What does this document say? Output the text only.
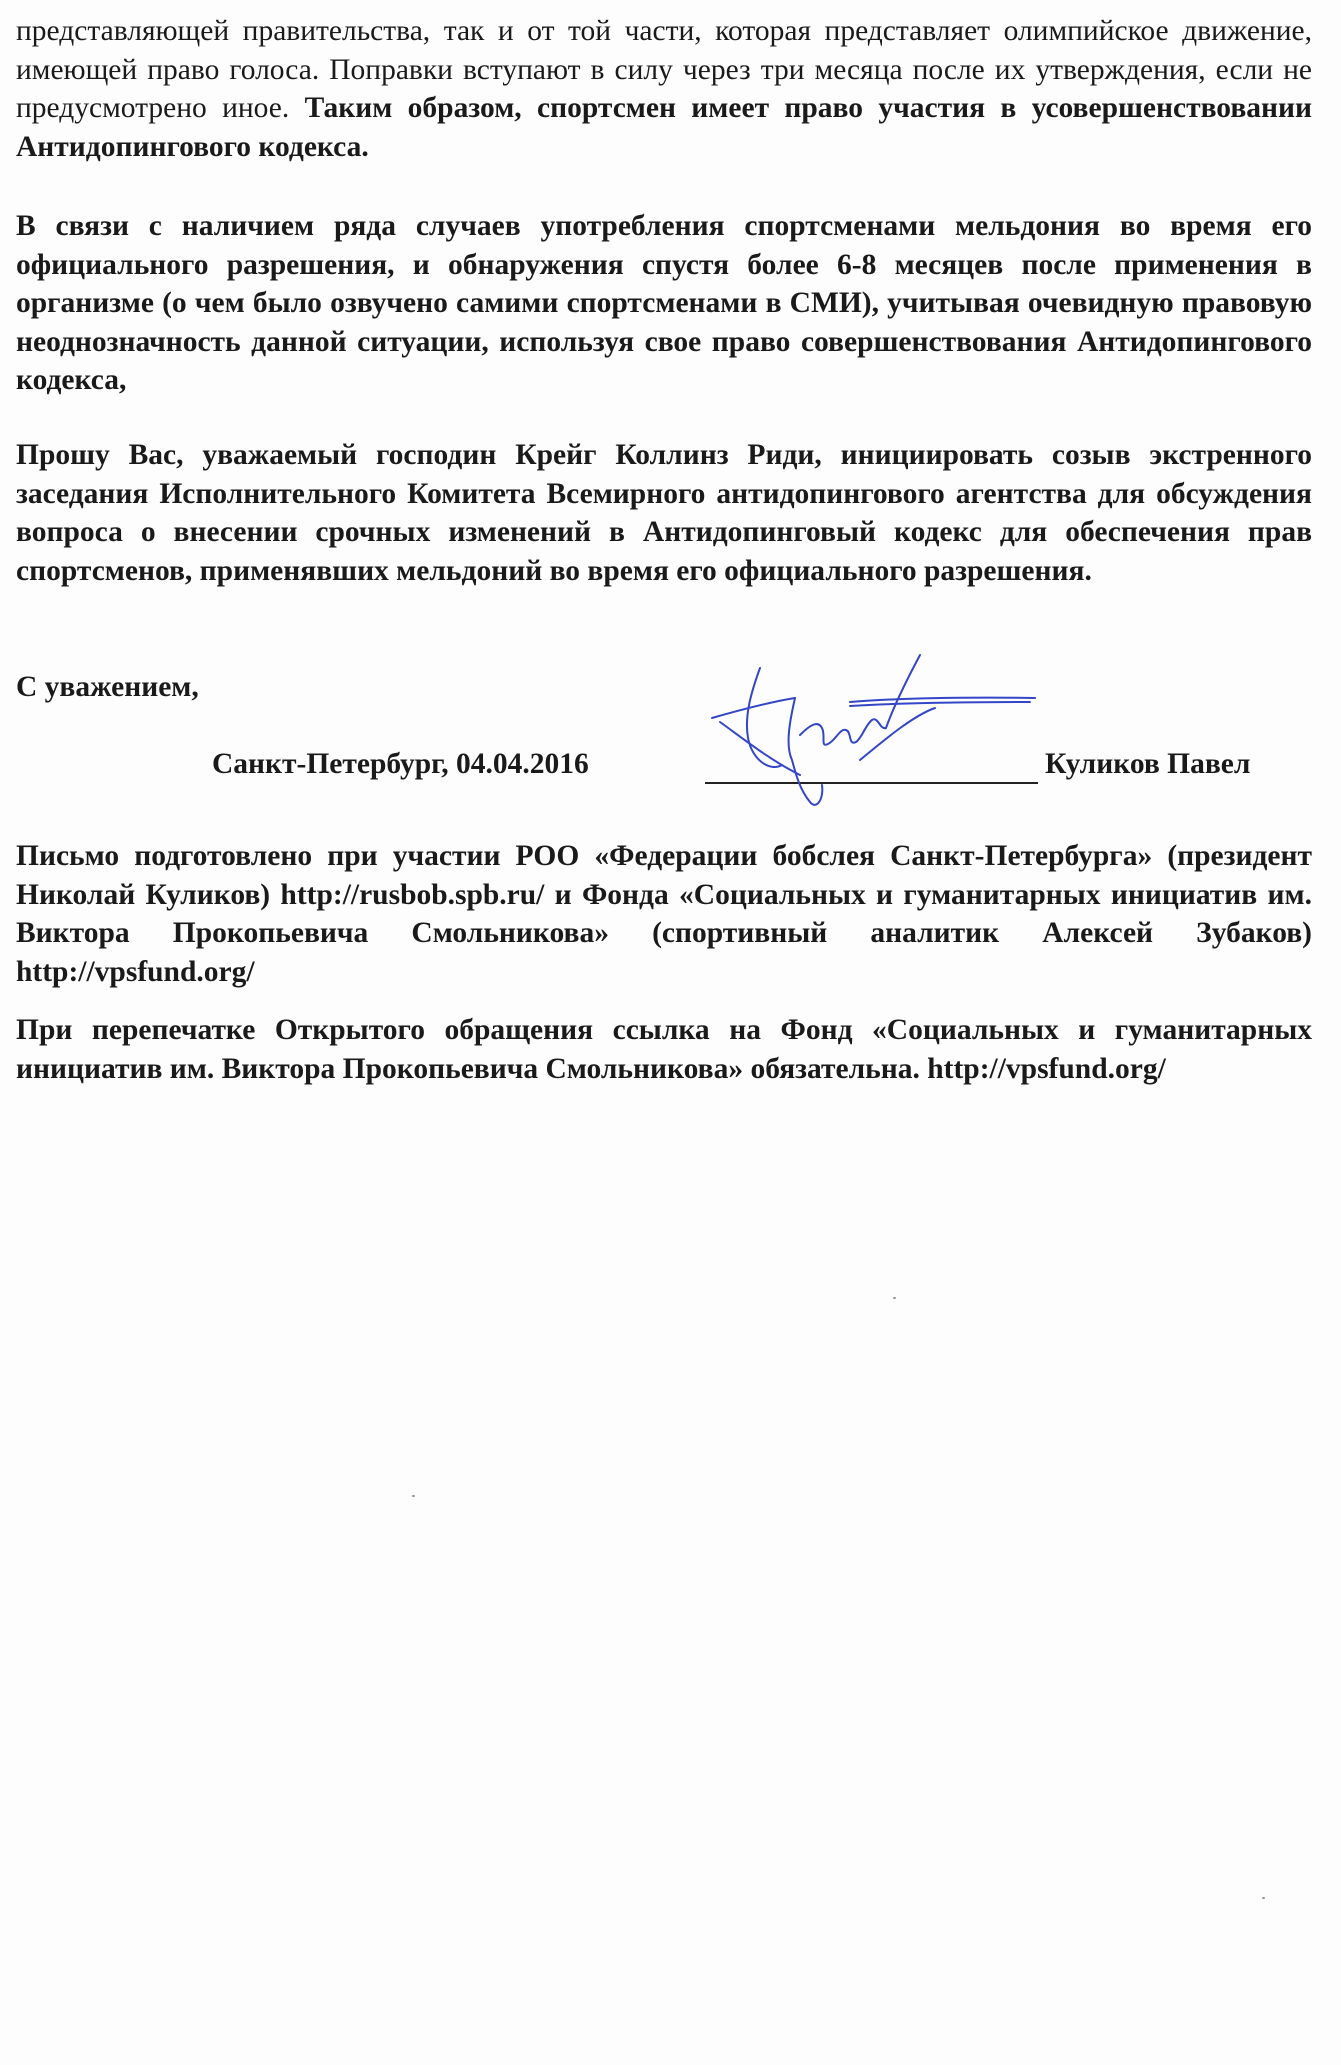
представляющей правительства, так и от той части, которая представляет олимпийское движение, имеющей право голоса. Поправки вступают в силу через три месяца после их утверждения, если не предусмотрено иное. Таким образом, спортсмен имеет право участия в усовершенствовании Антидопингового кодекса.

В связи с наличием ряда случаев употребления спортсменами мельдония во время его официального разрешения, и обнаружения спустя более 6-8 месяцев после применения в организме (о чем было озвучено самими спортсменами в СМИ), учитывая очевидную правовую неоднозначность данной ситуации, используя свое право совершенствования Антидопингового кодекса,

Прошу Вас, уважаемый господин Крейг Коллинз Риди, инициировать созыв экстренного заседания Исполнительного Комитета Всемирного антидопингового агентства для обсуждения вопроса о внесении срочных изменений в Антидопинговый кодекс для обеспечения прав спортсменов, применявших мельдоний во время его официального разрешения.

С уважением,

Санкт-Петербург, 04.04.2016	Куликов Павел

Письмо подготовлено при участии РОО «Федерации бобслея Санкт-Петербурга» (президент Николай Куликов) http://rusbob.spb.ru/ и Фонда «Социальных и гуманитарных инициатив им. Виктора Прокопьевича Смольникова» (спортивный аналитик Алексей Зубаков) http://vpsfund.org/

При перепечатке Открытого обращения ссылка на Фонд «Социальных и гуманитарных инициатив им. Виктора Прокопьевича Смольникова» обязательна. http://vpsfund.org/
